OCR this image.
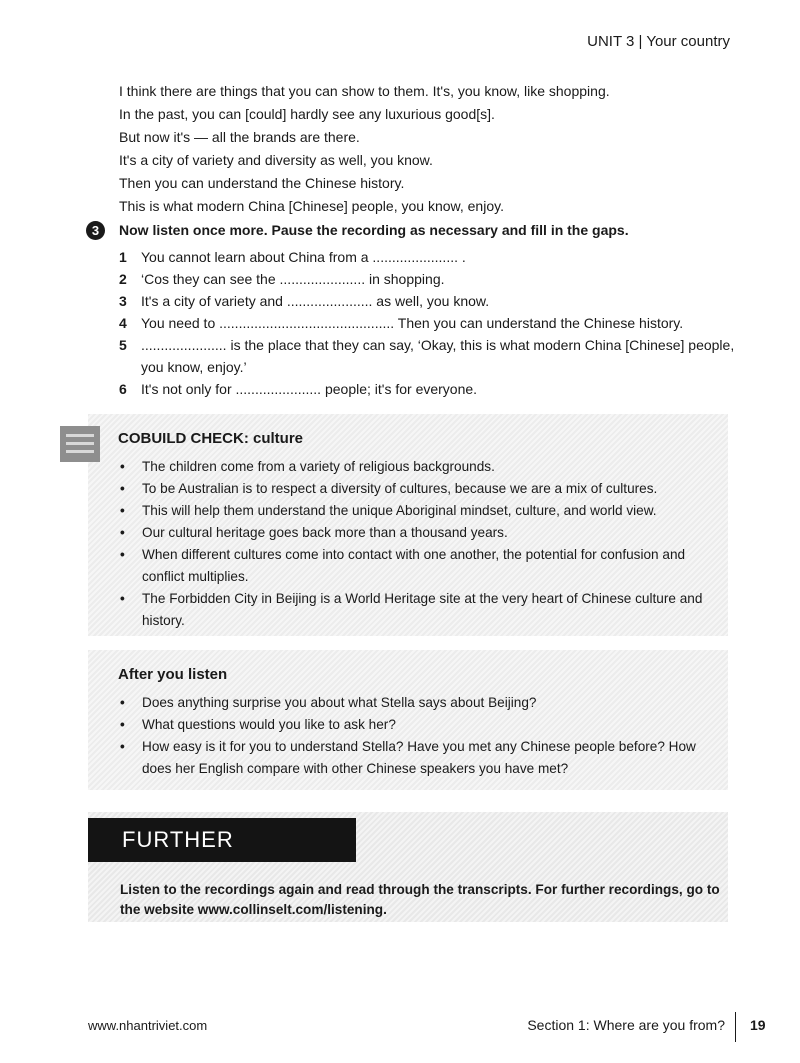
UNIT 3 | Your country
I think there are things that you can show to them. It's, you know, like shopping.
In the past, you can [could] hardly see any luxurious good[s].
But now it's — all the brands are there.
It's a city of variety and diversity as well, you know.
Then you can understand the Chinese history.
This is what modern China [Chinese] people, you know, enjoy.
3	Now listen once more. Pause the recording as necessary and fill in the gaps.
1 You cannot learn about China from a ...................... .
2 ‘Cos they can see the ...................... in shopping.
3 It's a city of variety and ...................... as well, you know.
4 You need to ............................................. Then you can understand the Chinese history.
5 ...................... is the place that they can say, ‘Okay, this is what modern China [Chinese] people, you know, enjoy.’
6 It's not only for ...................... people; it's for everyone.
COBUILD CHECK: culture
• The children come from a variety of religious backgrounds.
• To be Australian is to respect a diversity of cultures, because we are a mix of cultures.
• This will help them understand the unique Aboriginal mindset, culture, and world view.
• Our cultural heritage goes back more than a thousand years.
• When different cultures come into contact with one another, the potential for confusion and conflict multiplies.
• The Forbidden City in Beijing is a World Heritage site at the very heart of Chinese culture and history.
After you listen
• Does anything surprise you about what Stella says about Beijing?
• What questions would you like to ask her?
• How easy is it for you to understand Stella? Have you met any Chinese people before? How does her English compare with other Chinese speakers you have met?
FURTHER
Listen to the recordings again and read through the transcripts. For further recordings, go to the website www.collinselt.com/listening.
www.nhantriviet.com	Section 1: Where are you from? 19
